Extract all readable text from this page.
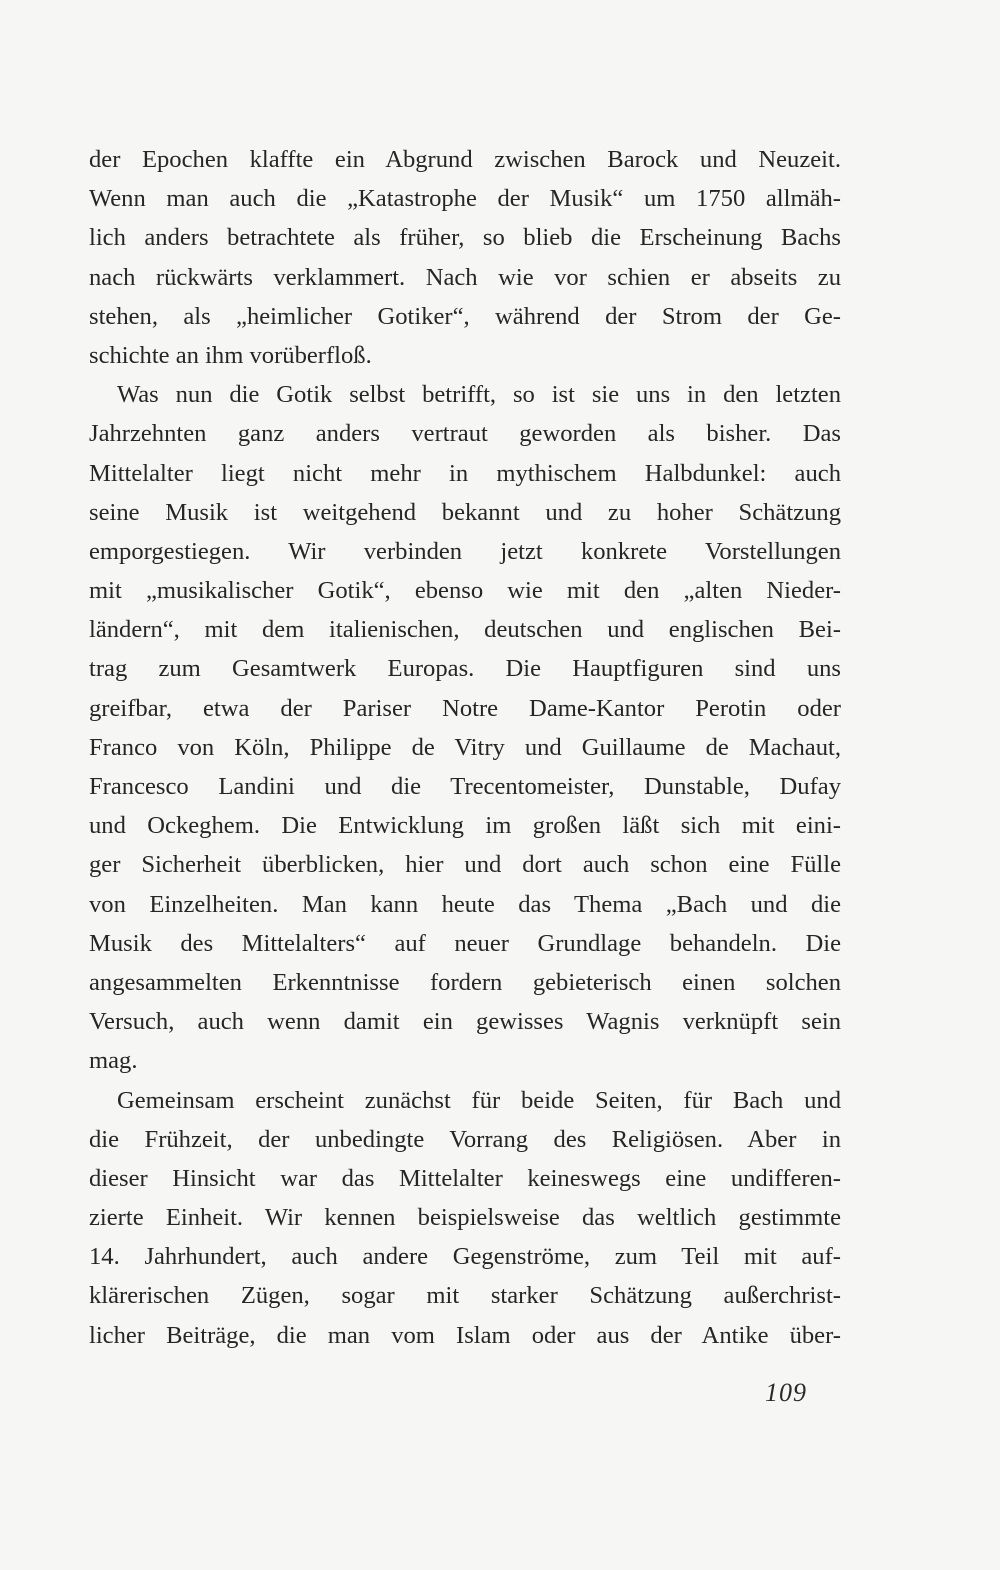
der Epochen klaffte ein Abgrund zwischen Barock und Neuzeit.
Wenn man auch die „Katastrophe der Musik“ um 1750 allmäh-
lich anders betrachtete als früher, so blieb die Erscheinung Bachs
nach rückwärts verklammert. Nach wie vor schien er abseits zu
stehen, als „heimlicher Gotiker“, während der Strom der Ge-
schichte an ihm vorüberfloß.
Was nun die Gotik selbst betrifft, so ist sie uns in den letzten
Jahrzehnten ganz anders vertraut geworden als bisher. Das
Mittelalter liegt nicht mehr in mythischem Halbdunkel: auch
seine Musik ist weitgehend bekannt und zu hoher Schätzung
emporgestiegen. Wir verbinden jetzt konkrete Vorstellungen
mit „musikalischer Gotik“, ebenso wie mit den „alten Nieder-
ländern“, mit dem italienischen, deutschen und englischen Bei-
trag zum Gesamtwerk Europas. Die Hauptfiguren sind uns
greifbar, etwa der Pariser Notre Dame-Kantor Perotin oder
Franco von Köln, Philippe de Vitry und Guillaume de Machaut,
Francesco Landini und die Trecentomeister, Dunstable, Dufay
und Ockeghem. Die Entwicklung im großen läßt sich mit eini-
ger Sicherheit überblicken, hier und dort auch schon eine Fülle
von Einzelheiten. Man kann heute das Thema „Bach und die
Musik des Mittelalters“ auf neuer Grundlage behandeln. Die
angesammelten Erkenntnisse fordern gebieterisch einen solchen
Versuch, auch wenn damit ein gewisses Wagnis verknüpft sein
mag.
Gemeinsam erscheint zunächst für beide Seiten, für Bach und
die Frühzeit, der unbedingte Vorrang des Religiösen. Aber in
dieser Hinsicht war das Mittelalter keineswegs eine undifferen-
zierte Einheit. Wir kennen beispielsweise das weltlich gestimmte
14. Jahrhundert, auch andere Gegenströme, zum Teil mit auf-
klärerischen Zügen, sogar mit starker Schätzung außerchrist-
licher Beiträge, die man vom Islam oder aus der Antike über-
109
